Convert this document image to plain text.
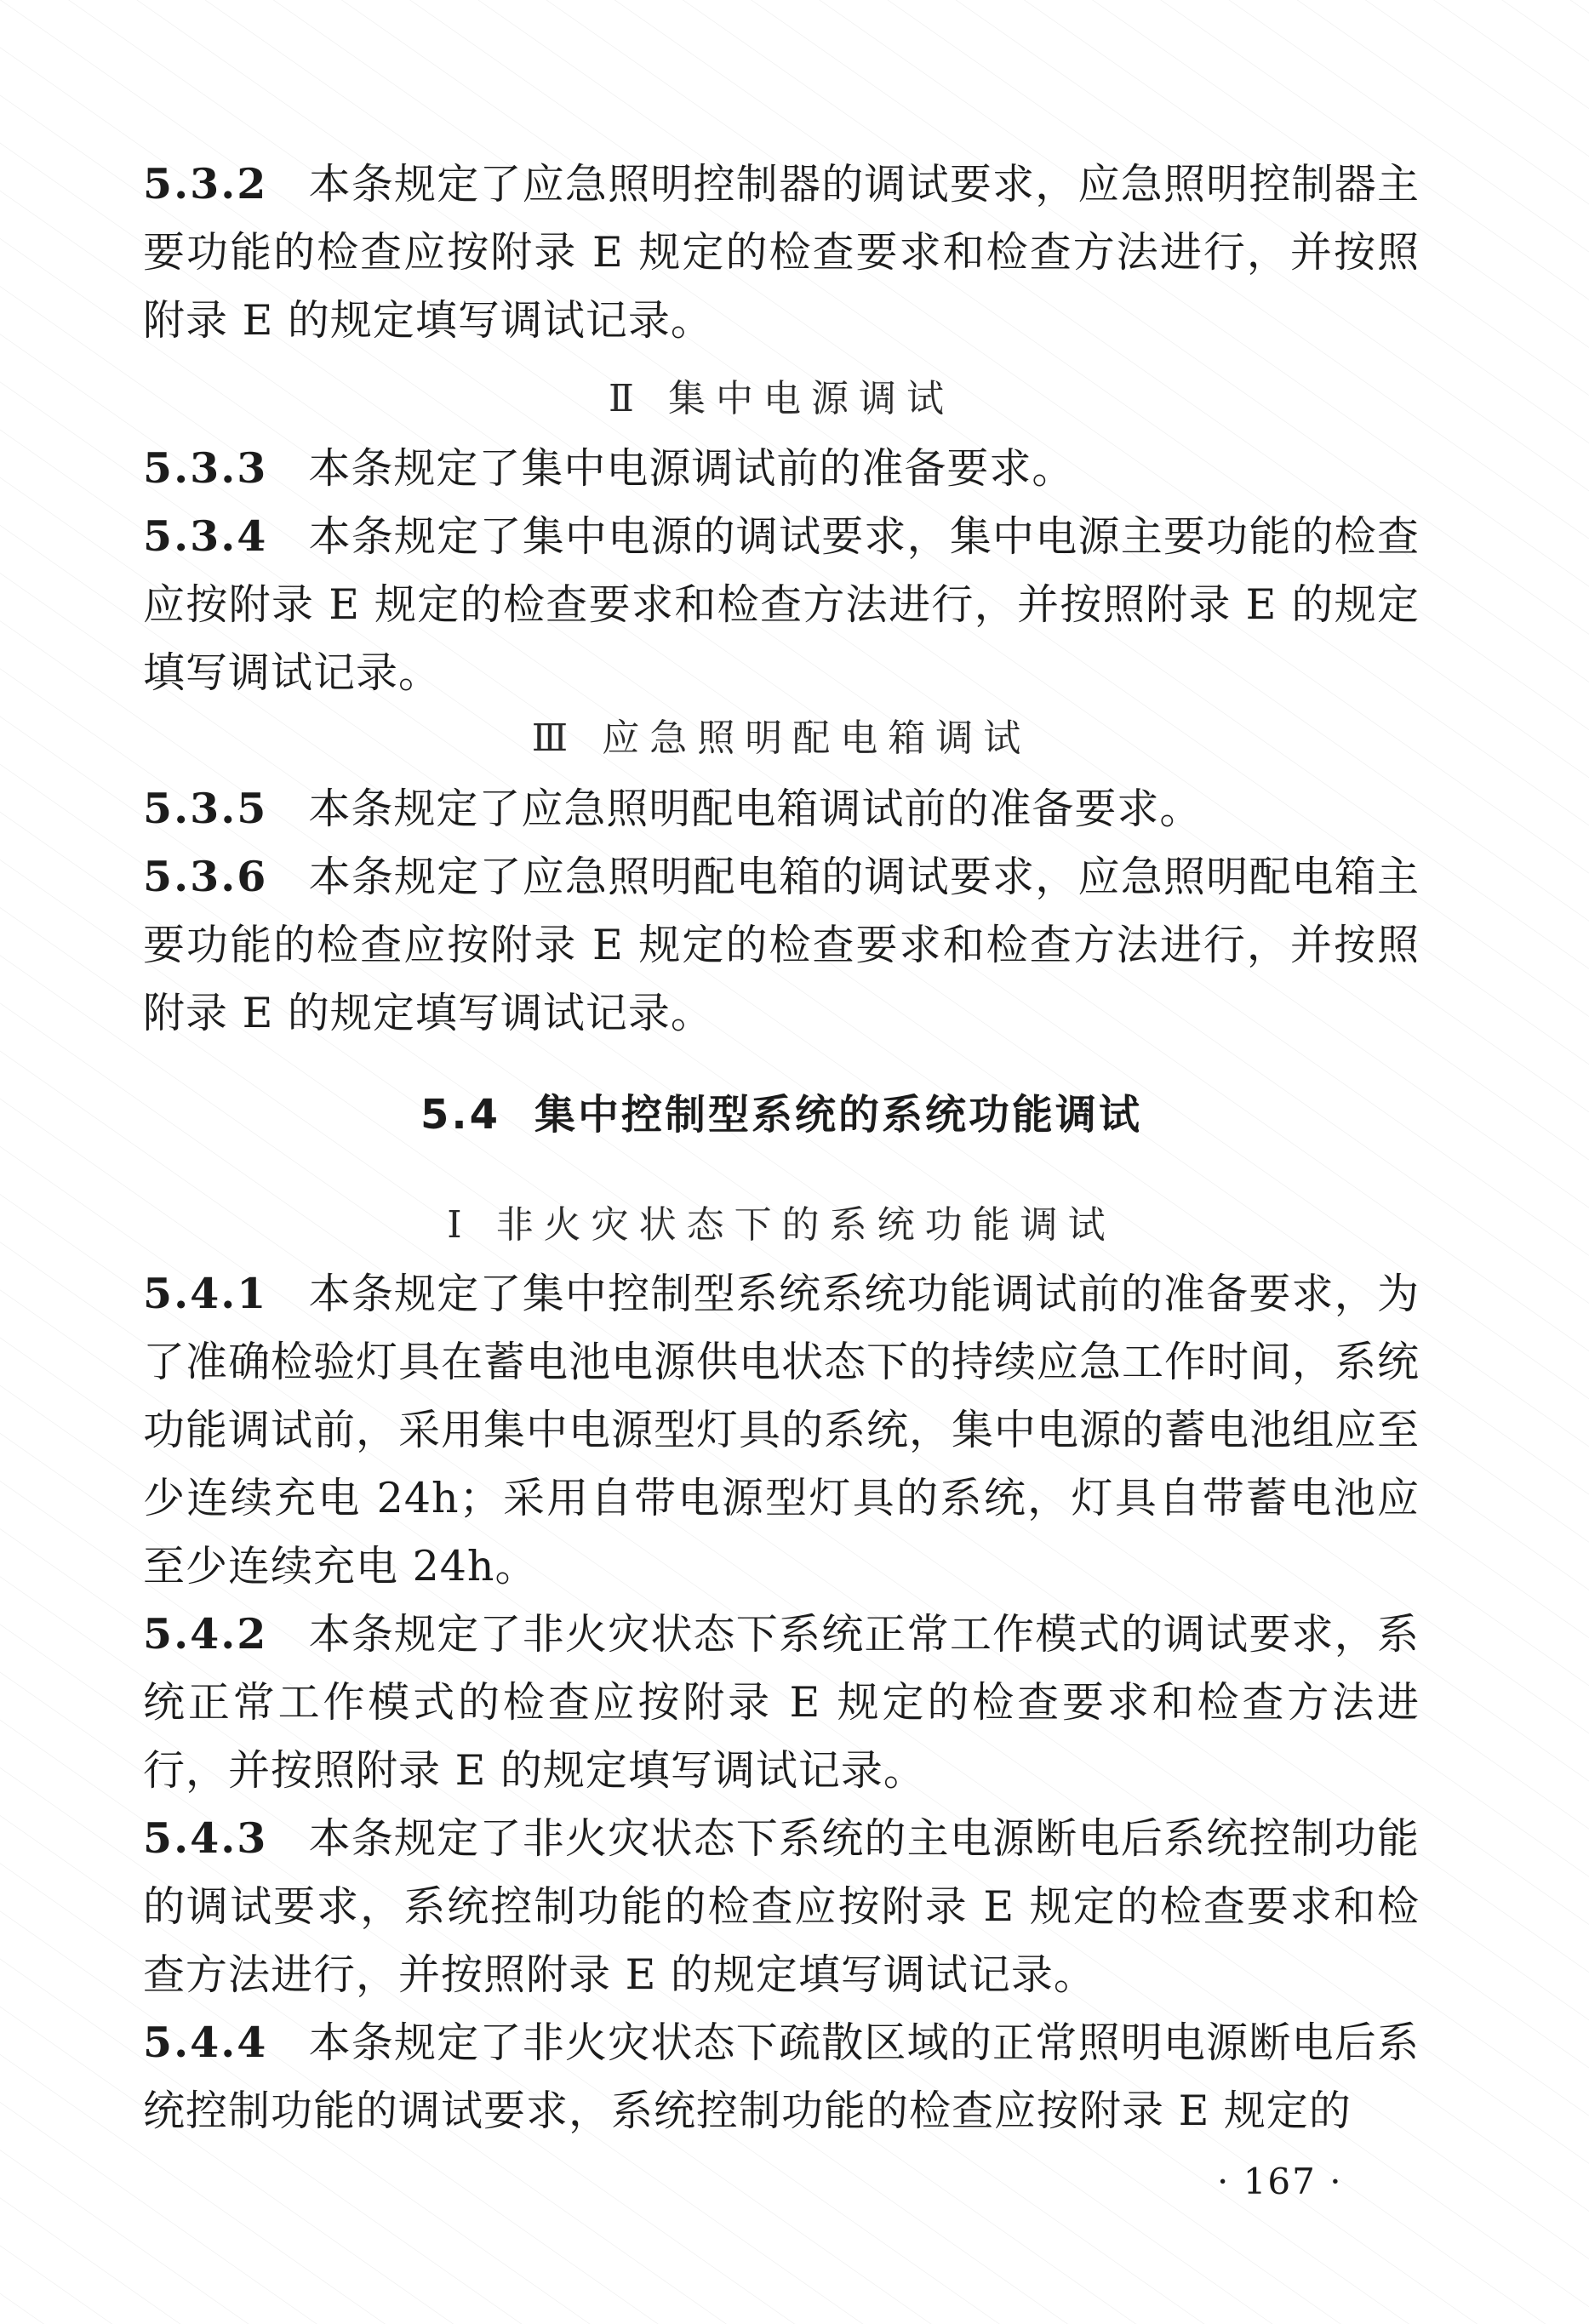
5.3.2 本条规定了应急照明控制器的调试要求，应急照明控制器主要功能的检查应按附录 E 规定的检查要求和检查方法进行，并按照附录 E 的规定填写调试记录。

Ⅱ 集中电源调试

5.3.3 本条规定了集中电源调试前的准备要求。

5.3.4 本条规定了集中电源的调试要求，集中电源主要功能的检查应按附录 E 规定的检查要求和检查方法进行，并按照附录 E 的规定填写调试记录。

Ⅲ 应急照明配电箱调试

5.3.5 本条规定了应急照明配电箱调试前的准备要求。

5.3.6 本条规定了应急照明配电箱的调试要求，应急照明配电箱主要功能的检查应按附录 E 规定的检查要求和检查方法进行，并按照附录 E 的规定填写调试记录。

5.4 集中控制型系统的系统功能调试
Ⅰ 非火灾状态下的系统功能调试

5.4.1 本条规定了集中控制型系统系统功能调试前的准备要求，为了准确检验灯具在蓄电池电源供电状态下的持续应急工作时间，系统功能调试前，采用集中电源型灯具的系统，集中电源的蓄电池组应至少连续充电 24h；采用自带电源型灯具的系统，灯具自带蓄电池应至少连续充电 24h。

5.4.2 本条规定了非火灾状态下系统正常工作模式的调试要求，系统正常工作模式的检查应按附录 E 规定的检查要求和检查方法进行，并按照附录 E 的规定填写调试记录。

5.4.3 本条规定了非火灾状态下系统的主电源断电后系统控制功能的调试要求，系统控制功能的检查应按附录 E 规定的检查要求和检查方法进行，并按照附录 E 的规定填写调试记录。

5.4.4 本条规定了非火灾状态下疏散区域的正常照明电源断电后系统控制功能的调试要求，系统控制功能的检查应按附录 E 规定的

· 167 ·
